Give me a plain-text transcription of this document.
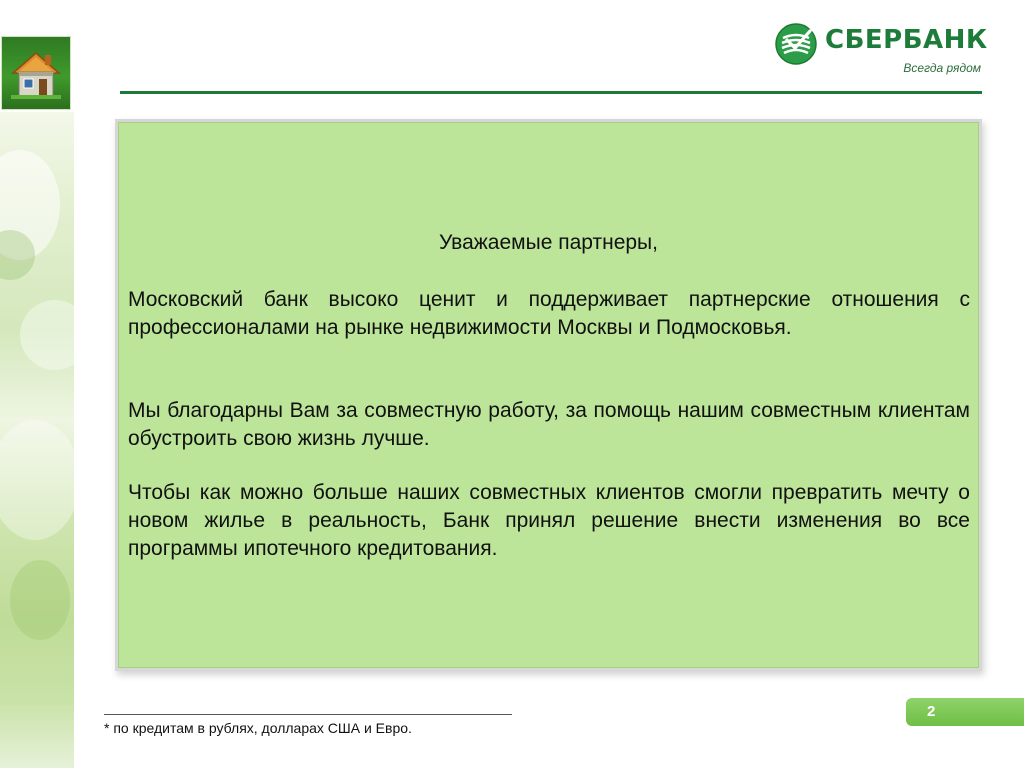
СБЕРБАНК
Всегда рядом
Уважаемые партнеры,
Московский банк высоко ценит и поддерживает партнерские отношения с профессионалами на рынке недвижимости Москвы и Подмосковья.
Мы благодарны Вам за совместную работу, за помощь нашим совместным клиентам обустроить свою жизнь лучше.
Чтобы как можно больше наших совместных клиентов смогли превратить мечту о новом жилье в реальность, Банк принял решение внести изменения во все программы ипотечного кредитования.
* по кредитам в рублях, долларах США и Евро.
2
